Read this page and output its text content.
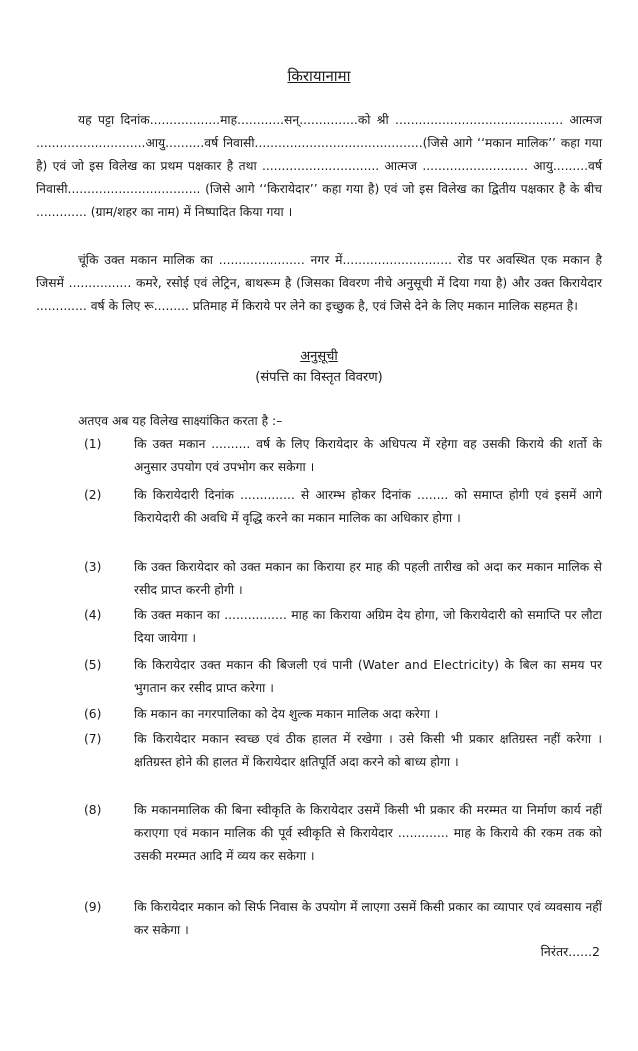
किरायानामा
यह पट्टा दिनांक..................माह............सन्...............को श्री ........................................... आत्मज ............................आयु..........वर्ष निवासी...........................................(जिसे आगे ‘‘मकान मालिक’’ कहा गया है) एवं जो इस विलेख का प्रथम पक्षकार है तथा .............................. आत्मज ........................... आयु.........वर्ष निवासी.................................. (जिसे आगे ‘‘किरायेदार’’ कहा गया है) एवं जो इस विलेख का द्वितीय पक्षकार है के बीच ............. (ग्राम/शहर का नाम) में निष्पादित किया गया ।
चूंकि उक्त मकान मालिक का ...................... नगर में............................ रोड पर अवस्थित एक मकान है जिसमें ................ कमरे, रसोई एवं लेट्रिन, बाथरूम है (जिसका विवरण नीचे अनुसूची में दिया गया है) और उक्त किरायेदार ............. वर्ष के लिए रू......... प्रतिमाह में किराये पर लेने का इच्छुक है, एवं जिसे देने के लिए मकान मालिक सहमत है।
अनुसूची
(संपत्ति का विस्तृत विवरण)
अतएव अब यह विलेख साक्ष्यांकित करता है :–
(1)	कि उक्त मकान .......... वर्ष के लिए किरायेदार के अधिपत्य में रहेगा वह उसकी किराये की शर्तो के अनुसार उपयोग एवं उपभोग कर सकेगा ।
(2)	कि किरायेदारी दिनांक .............. से आरम्भ होकर दिनांक ........ को समाप्त होगी एवं इसमें आगे किरायेदारी की अवधि में वृद्धि करने का मकान मालिक का अधिकार होगा ।
(3)	कि उक्त किरायेदार को उक्त मकान का किराया हर माह की पहली तारीख को अदा कर मकान मालिक से रसीद प्राप्त करनी होगी ।
(4)	कि उक्त मकान का ................ माह का किराया अग्रिम देय होगा, जो किरायेदारी को समाप्ति पर लौटा दिया जायेगा ।
(5)	कि किरायेदार उक्त मकान की बिजली एवं पानी (Water and Electricity) के बिल का समय पर भुगतान कर रसीद प्राप्त करेगा ।
(6)	कि मकान का नगरपालिका को देय शुल्क मकान मालिक अदा करेगा ।
(7)	कि किरायेदार मकान स्वच्छ एवं ठीक हालत में रखेगा । उसे किसी भी प्रकार क्षतिग्रस्त नहीं करेगा । क्षतिग्रस्त होने की हालत में किरायेदार क्षतिपूर्ति अदा करने को बाध्य होगा ।
(8)	कि मकानमालिक की बिना स्वीकृति के किरायेदार उसमें किसी भी प्रकार की मरम्मत या निर्माण कार्य नहीं कराएगा एवं मकान मालिक की पूर्व स्वीकृति से किरायेदार ............. माह के किराये की रकम तक को उसकी मरम्मत आदि में व्यय कर सकेगा ।
(9)	कि किरायेदार मकान को सिर्फ निवास के उपयोग में लाएगा उसमें किसी प्रकार का व्यापार एवं व्यवसाय नहीं कर सकेगा ।
निरंतर......2
